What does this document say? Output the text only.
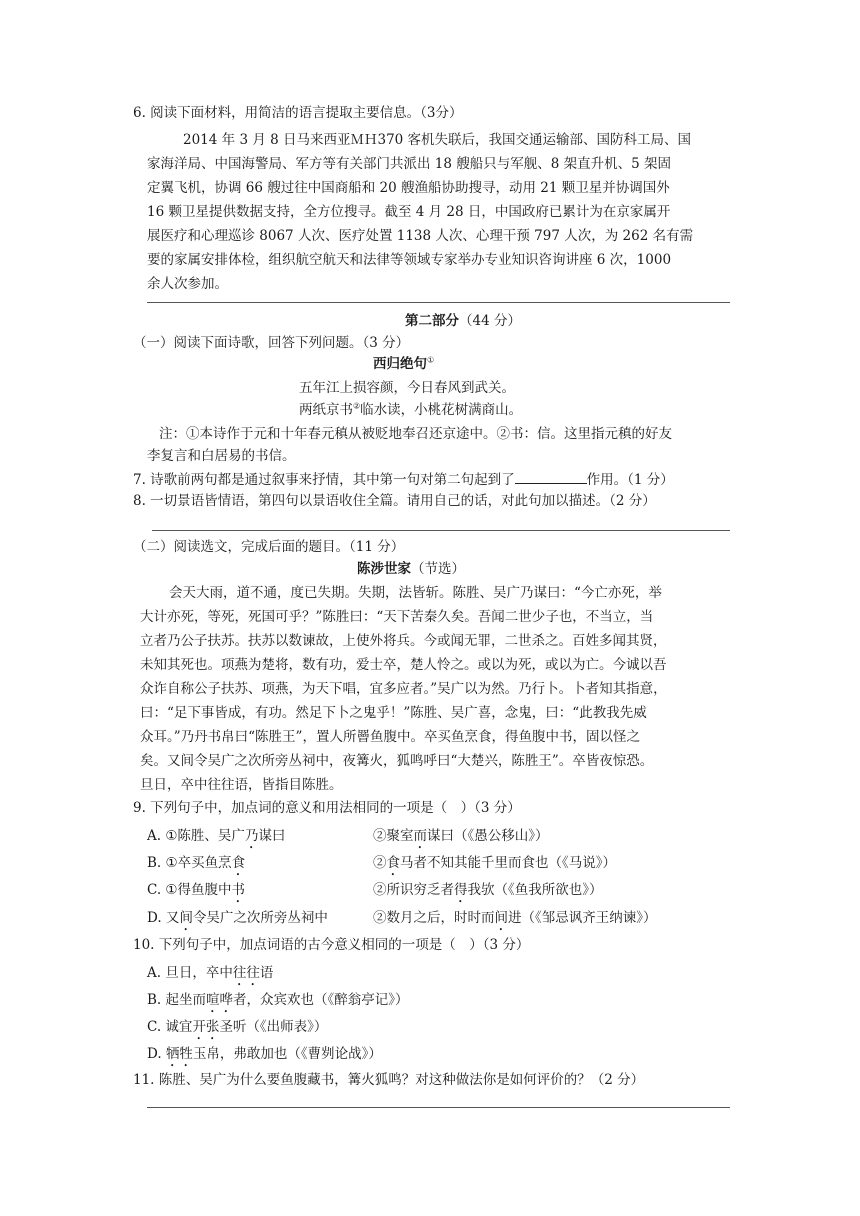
6. 阅读下面材料，用简洁的语言提取主要信息。（3分）
2014 年 3 月 8 日马来西亚ＭＨ370 客机失联后，我国交通运输部、国防科工局、国
家海洋局、中国海警局、军方等有关部门共派出 18 艘船只与军舰、8 架直升机、5 架固
定翼飞机，协调 66 艘过往中国商船和 20 艘渔船协助搜寻，动用 21 颗卫星并协调国外
16 颗卫星提供数据支持，全方位搜寻。截至 4 月 28 日，中国政府已累计为在京家属开
展医疗和心理巡诊 8067 人次、医疗处置 1138 人次、心理干预 797 人次，为 262 名有需
要的家属安排体检，组织航空航天和法律等领域专家举办专业知识咨询讲座 6 次，1000
余人次参加。
第二部分（44 分）
（一）阅读下面诗歌，回答下列问题。（3 分）
西归绝句①
五年江上损容颜，今日春风到武关。
两纸京书②临水读，小桃花树满商山。
注：①本诗作于元和十年春元稹从被贬地奉召还京途中。②书：信。这里指元稹的好友
李复言和白居易的书信。
7. 诗歌前两句都是通过叙事来抒情，其中第一句对第二句起到了	作用。（1 分）
8. 一切景语皆情语，第四句以景语收住全篇。请用自己的话，对此句加以描述。（2 分）
（二）阅读选文，完成后面的题目。（11 分）
陈涉世家（节选）
会天大雨，道不通，度已失期。失期，法皆斩。陈胜、吴广乃谋曰：“今亡亦死，举
大计亦死，等死，死国可乎？”陈胜曰：“天下苦秦久矣。吾闻二世少子也，不当立，当
立者乃公子扶苏。扶苏以数谏故，上使外将兵。今或闻无罪，二世杀之。百姓多闻其贤，
未知其死也。项燕为楚将，数有功，爱士卒，楚人怜之。或以为死，或以为亡。今诚以吾
众诈自称公子扶苏、项燕，为天下唱，宜多应者。”吴广以为然。乃行卜。卜者知其指意，
曰：“足下事皆成，有功。然足下卜之鬼乎！”陈胜、吴广喜，念鬼，曰：“此教我先威
众耳。”乃丹书帛曰“陈胜王”，置人所罾鱼腹中。卒买鱼烹食，得鱼腹中书，固以怪之
矣。又间令吴广之次所旁丛祠中，夜篝火，狐鸣呼曰“大楚兴，陈胜王”。卒皆夜惊恐。
旦日，卒中往往语，皆指目陈胜。
9. 下列句子中，加点词的意义和用法相同的一项是（　）（3 分）
A. ①陈胜、吴广乃谋曰	②聚室而谋曰（《愚公移山》）
B. ①卒买鱼烹食	②食马者不知其能千里而食也（《马说》）
C. ①得鱼腹中书	②所识穷乏者得我欤（《鱼我所欲也》）
D. 又间令吴广之次所旁丛祠中	②数月之后，时时而间进（《邹忌讽齐王纳谏》）
10. 下列句子中，加点词语的古今意义相同的一项是（　）（3 分）
A. 旦日，卒中往往语
B. 起坐而喧哗者，众宾欢也（《醉翁亭记》）
C. 诚宜开张圣听（《出师表》）
D. 牺牲玉帛，弗敢加也（《曹刿论战》）
11. 陈胜、吴广为什么要鱼腹藏书，篝火狐鸣？对这种做法你是如何评价的？（2 分）
